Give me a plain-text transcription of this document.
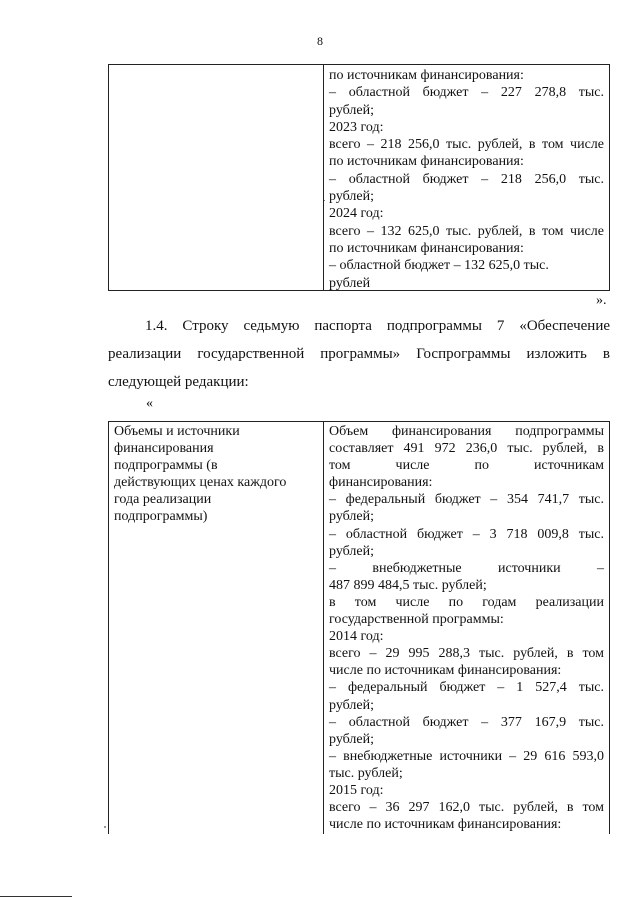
8
по источникам финансирования:
– областной бюджет – 227 278,8 тыс.
рублей;
2023 год:
всего – 218 256,0 тыс. рублей, в том числе
по источникам финансирования:
– областной бюджет – 218 256,0 тыс.
рублей;
2024 год:
всего – 132 625,0 тыс. рублей, в том числе
по источникам финансирования:
– областной бюджет – 132 625,0 тыс.
рублей
».
1.4. Строку седьмую паспорта подпрограммы 7 «Обеспечение
реализации государственной программы» Госпрограммы изложить в
следующей редакции:
«
Объемы и источники
финансирования
подпрограммы (в
действующих ценах каждого
года реализации
подпрограммы)
Объем финансирования подпрограммы
составляет 491 972 236,0 тыс. рублей, в
том числе по источникам
финансирования:
– федеральный бюджет – 354 741,7 тыс.
рублей;
– областной бюджет – 3 718 009,8 тыс.
рублей;
– внебюджетные источники –
487 899 484,5 тыс. рублей;
в том числе по годам реализации
государственной программы:
2014 год:
всего – 29 995 288,3 тыс. рублей, в том
числе по источникам финансирования:
– федеральный бюджет – 1 527,4 тыс.
рублей;
– областной бюджет – 377 167,9 тыс.
рублей;
– внебюджетные источники – 29 616 593,0
тыс. рублей;
2015 год:
всего – 36 297 162,0 тыс. рублей, в том
числе по источникам финансирования:
